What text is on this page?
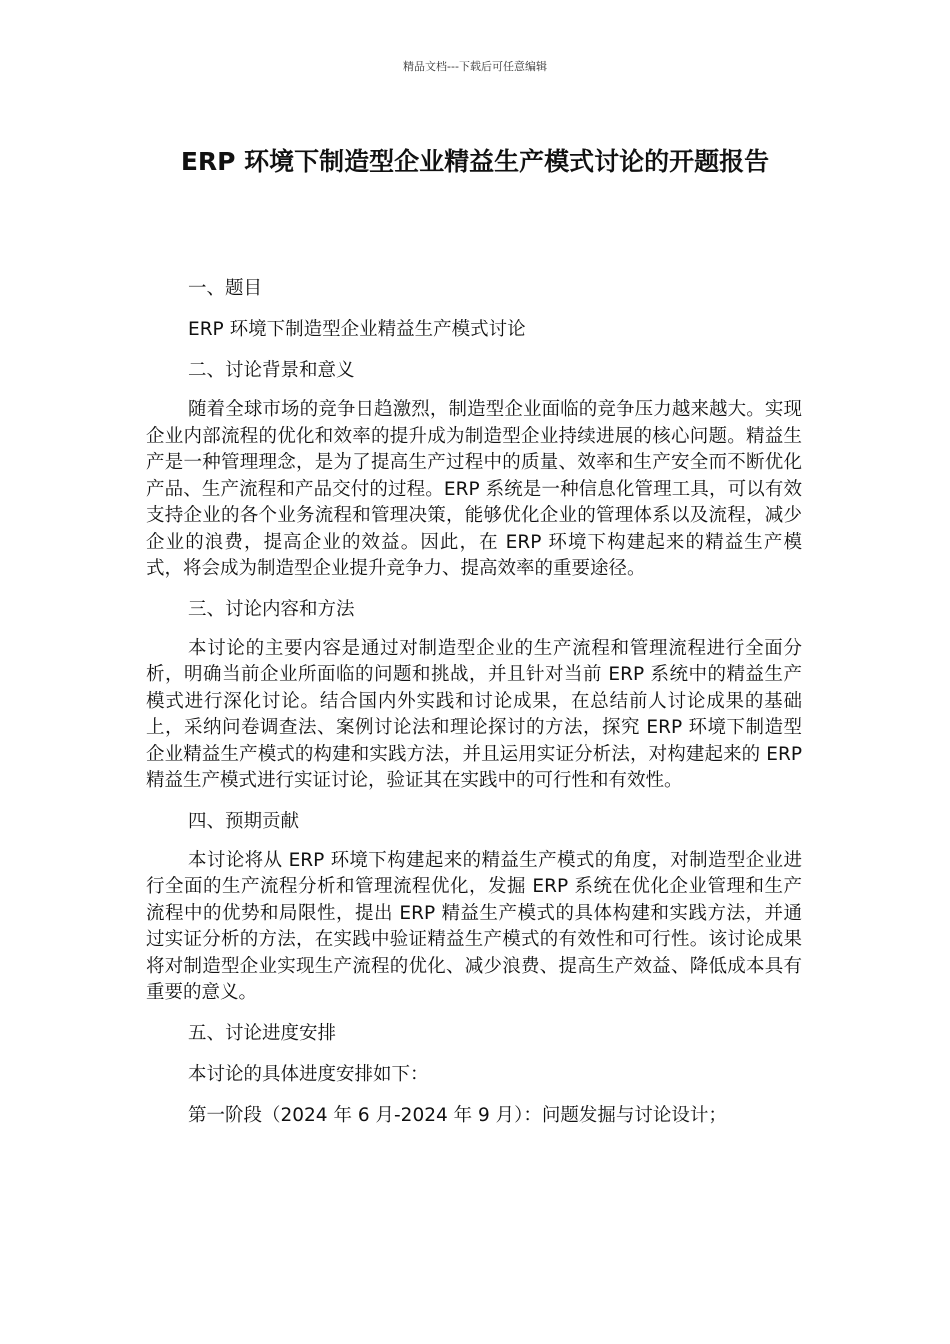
精品文档---下载后可任意编辑
ERP 环境下制造型企业精益生产模式讨论的开题报告

一、题目

ERP 环境下制造型企业精益生产模式讨论

二、讨论背景和意义

随着全球市场的竞争日趋激烈，制造型企业面临的竞争压力越来越大。实现企业内部流程的优化和效率的提升成为制造型企业持续进展的核心问题。精益生产是一种管理理念，是为了提高生产过程中的质量、效率和生产安全而不断优化产品、生产流程和产品交付的过程。ERP 系统是一种信息化管理工具，可以有效支持企业的各个业务流程和管理决策，能够优化企业的管理体系以及流程，减少企业的浪费，提高企业的效益。因此，在 ERP 环境下构建起来的精益生产模式，将会成为制造型企业提升竞争力、提高效率的重要途径。

三、讨论内容和方法

本讨论的主要内容是通过对制造型企业的生产流程和管理流程进行全面分析，明确当前企业所面临的问题和挑战，并且针对当前 ERP 系统中的精益生产模式进行深化讨论。结合国内外实践和讨论成果，在总结前人讨论成果的基础上，采纳问卷调查法、案例讨论法和理论探讨的方法，探究 ERP 环境下制造型企业精益生产模式的构建和实践方法，并且运用实证分析法，对构建起来的 ERP 精益生产模式进行实证讨论，验证其在实践中的可行性和有效性。

四、预期贡献

本讨论将从 ERP 环境下构建起来的精益生产模式的角度，对制造型企业进行全面的生产流程分析和管理流程优化，发掘 ERP 系统在优化企业管理和生产流程中的优势和局限性，提出 ERP 精益生产模式的具体构建和实践方法，并通过实证分析的方法，在实践中验证精益生产模式的有效性和可行性。该讨论成果将对制造型企业实现生产流程的优化、减少浪费、提高生产效益、降低成本具有重要的意义。

五、讨论进度安排

本讨论的具体进度安排如下：

第一阶段（2024 年 6 月-2024 年 9 月）：问题发掘与讨论设计；
